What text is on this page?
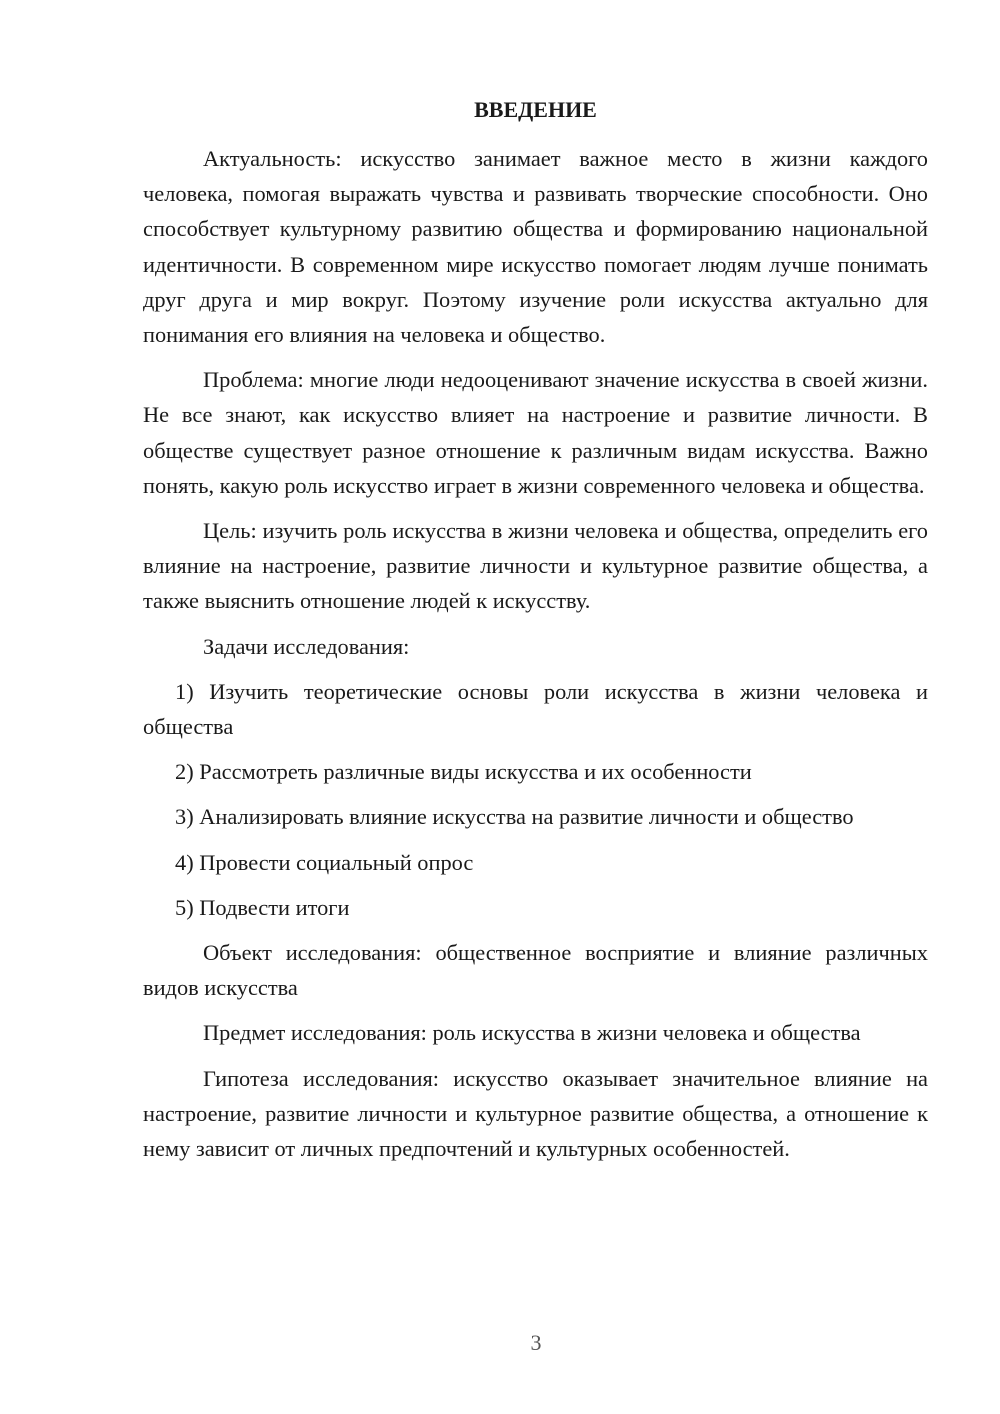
ВВЕДЕНИЕ

Актуальность: искусство занимает важное место в жизни каждого человека, помогая выражать чувства и развивать творческие способности. Оно способствует культурному развитию общества и формированию национальной идентичности. В современном мире искусство помогает людям лучше понимать друг друга и мир вокруг. Поэтому изучение роли искусства актуально для понимания его влияния на человека и общество.

Проблема: многие люди недооценивают значение искусства в своей жизни. Не все знают, как искусство влияет на настроение и развитие личности. В обществе существует разное отношение к различным видам искусства. Важно понять, какую роль искусство играет в жизни современного человека и общества.

Цель: изучить роль искусства в жизни человека и общества, определить его влияние на настроение, развитие личности и культурное развитие общества, а также выяснить отношение людей к искусству.

Задачи исследования:

1) Изучить теоретические основы роли искусства в жизни человека и общества

2) Рассмотреть различные виды искусства и их особенности

3) Анализировать влияние искусства на развитие личности и общество

4) Провести социальный опрос

5) Подвести итоги

Объект исследования: общественное восприятие и влияние различных видов искусства

Предмет исследования: роль искусства в жизни человека и общества

Гипотеза исследования: искусство оказывает значительное влияние на настроение, развитие личности и культурное развитие общества, а отношение к нему зависит от личных предпочтений и культурных особенностей.

3
